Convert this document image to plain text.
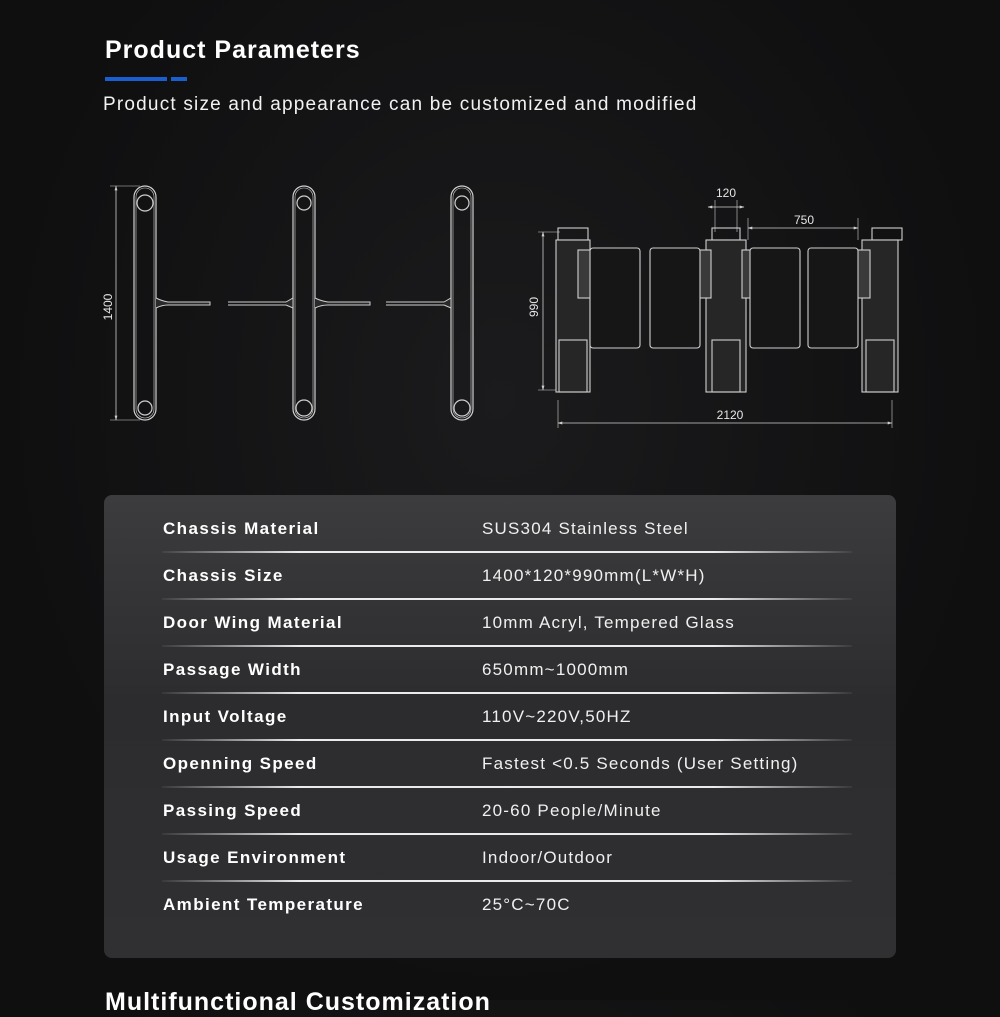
Product Parameters

Product size and appearance can be customized and modified

1400	990
120
750
2120
Chassis Material	SUS304 Stainless Steel
Chassis Size	1400*120*990mm(L*W*H)
Door Wing Material	10mm Acryl, Tempered Glass
Passage Width	650mm~1000mm
Input Voltage	110V~220V,50HZ
Openning Speed	Fastest <0.5 Seconds (User Setting)
Passing Speed	20-60 People/Minute
Usage Environment	Indoor/Outdoor
Ambient Temperature	25°C~70C
Multifunctional Customization
